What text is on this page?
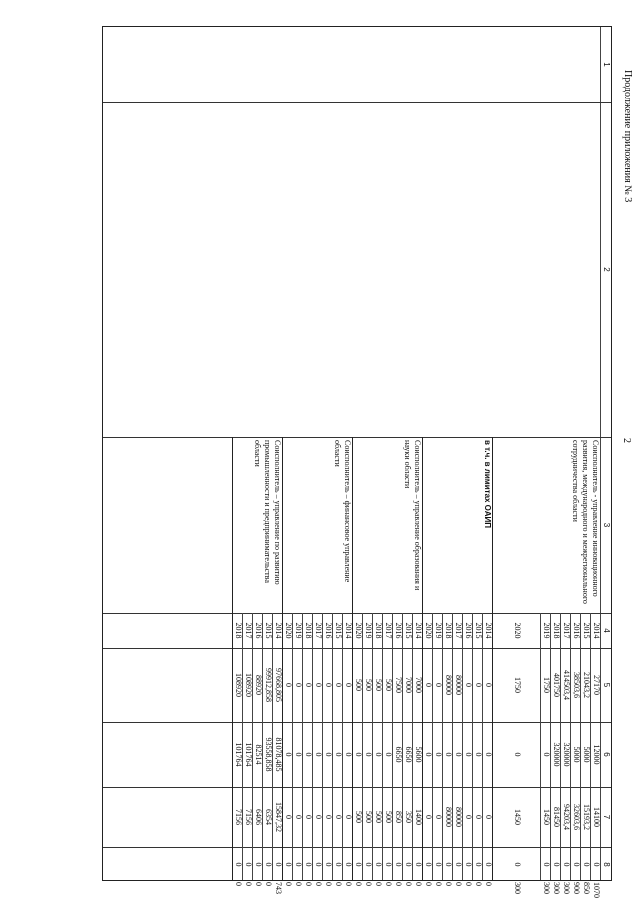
2
Продолжение приложения № 3
1
2
3
4
5
6
7
8
Соисполнитель - управление инновационного развития, международного и межрегионального сотрудничества области
2014
27170
12000
14100
0
1070
2015
21043,2
5000
15193,2
0
850
2016
38503,6
5000
32603,6
0
900
2017
414503,4
320000
94203,4
0
300
2018
401750
320000
81450
0
300
2019
1750
0
1450
0
300
2020
1750
0
1450
0
300
в т.ч. в лимитах ОАИП
2014
0
0
0
0
0
2015
0
0
0
0
0
2016
0
0
0
0
0
2017
80000
0
80000
0
0
2018
80000
0
80000
0
0
2019
0
0
0
0
0
2020
0
0
0
0
0
Соисполнитель – управление образования и науки области
2014
7000
5600
1400
0
0
2015
7000
6650
350
0
0
2016
7500
6650
850
0
0
2017
500
0
500
0
0
2018
500
0
500
0
0
2019
500
0
500
0
0
2020
500
0
500
0
0
Соисполнитель – финансовое управление области
2014
0
0
0
0
0
2015
0
0
0
0
0
2016
0
0
0
0
0
2017
0
0
0
0
0
2018
0
0
0
0
0
2019
0
0
0
0
0
2020
0
0
0
0
0
Соисполнитель – управление по развитию промышленности и предпринимательства области
2014
97668,805
81078,485
15847,32
0
743
2015
99912,858
93558,858
6354
0
0
2016
88920
82514
6406
0
0
2017
108920
101764
7156
0
0
2018
108920
101764
7156
0
0
